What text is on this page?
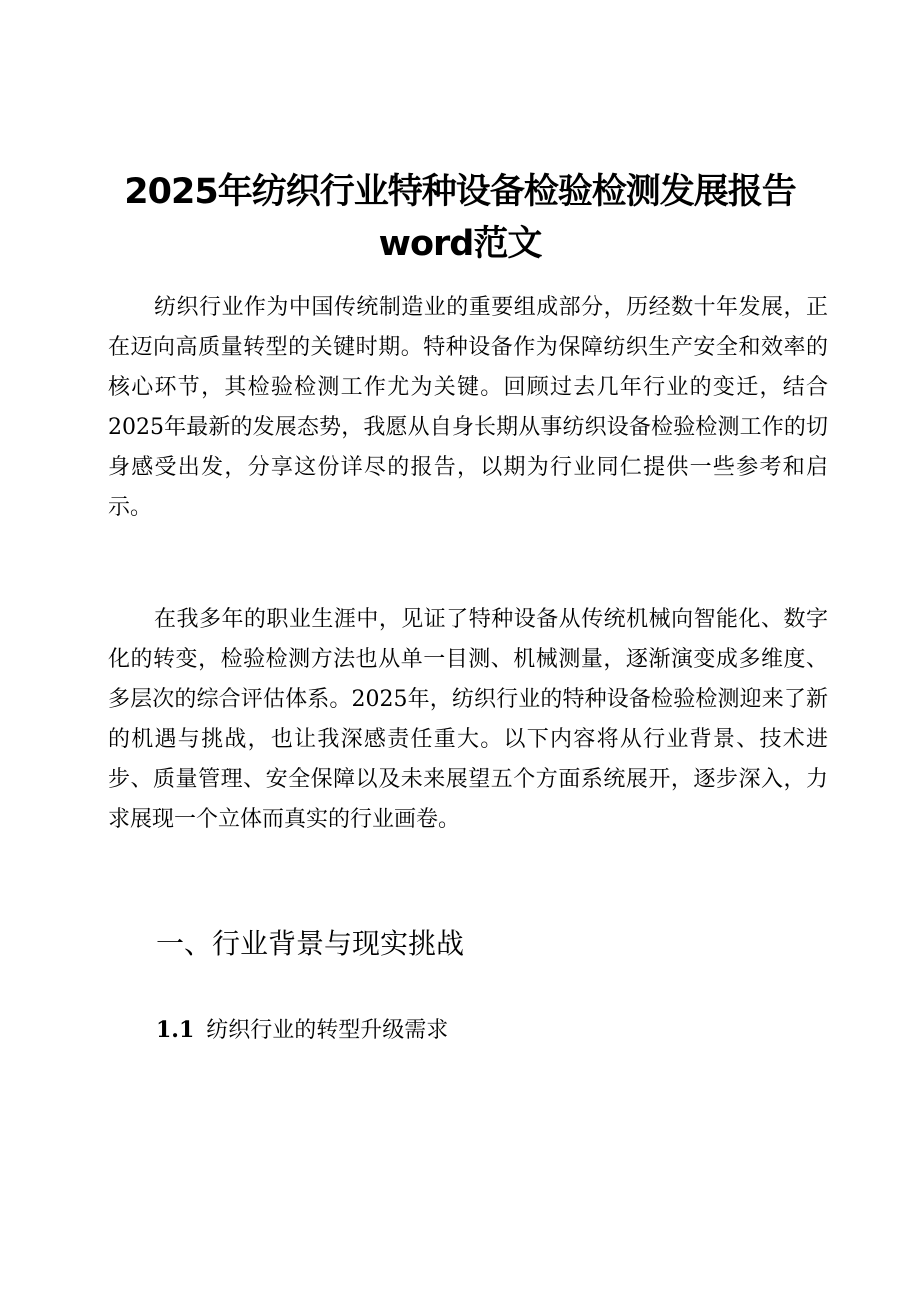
2025年纺织行业特种设备检验检测发展报告word范文

纺织行业作为中国传统制造业的重要组成部分，历经数十年发展，正在迈向高质量转型的关键时期。特种设备作为保障纺织生产安全和效率的核心环节，其检验检测工作尤为关键。回顾过去几年行业的变迁，结合2025年最新的发展态势，我愿从自身长期从事纺织设备检验检测工作的切身感受出发，分享这份详尽的报告，以期为行业同仁提供一些参考和启示。

在我多年的职业生涯中，见证了特种设备从传统机械向智能化、数字化的转变，检验检测方法也从单一目测、机械测量，逐渐演变成多维度、多层次的综合评估体系。2025年，纺织行业的特种设备检验检测迎来了新的机遇与挑战，也让我深感责任重大。以下内容将从行业背景、技术进步、质量管理、安全保障以及未来展望五个方面系统展开，逐步深入，力求展现一个立体而真实的行业画卷。

一、行业背景与现实挑战
1.1 纺织行业的转型升级需求
